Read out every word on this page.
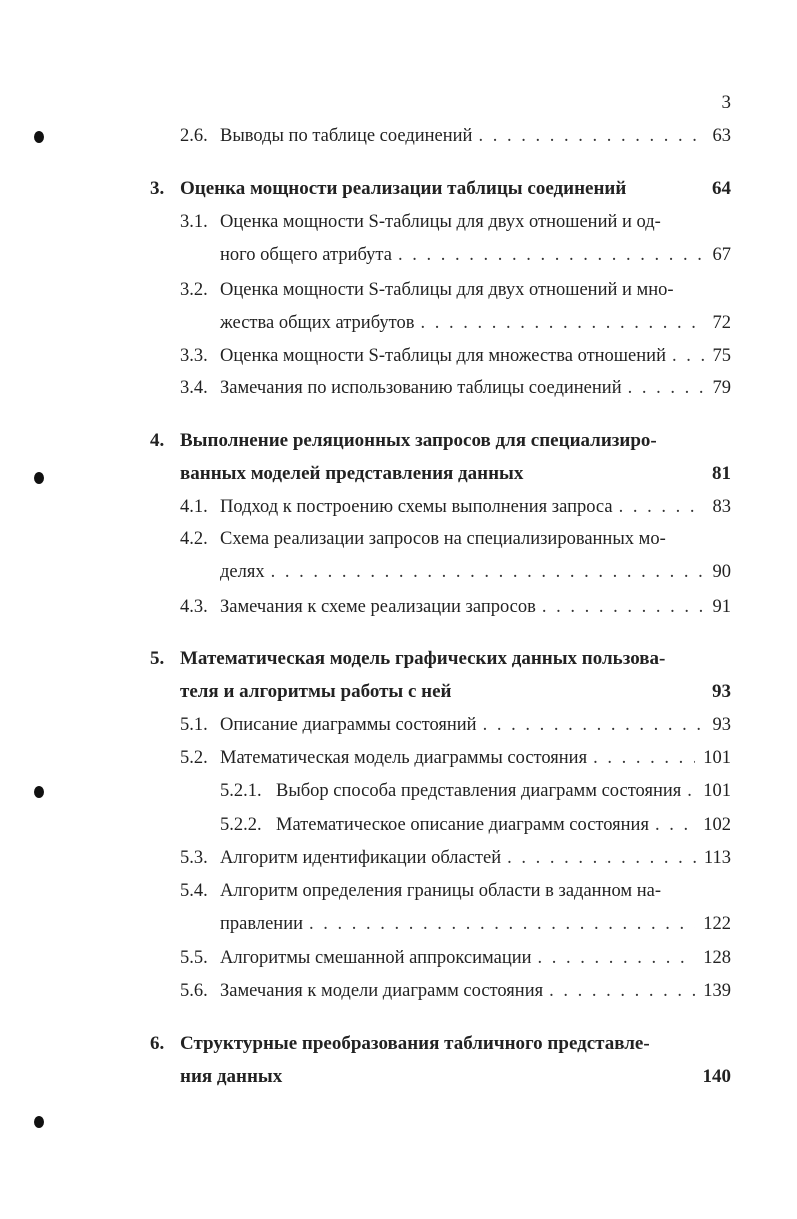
3
2.6. Выводы по таблице соединений . . .	63
3. Оценка мощности реализации таблицы соединений	64
3.1. Оценка мощности S-таблицы для двух отношений и од-
ного общего атрибута . . .	67
3.2. Оценка мощности S-таблицы для двух отношений и мно-
жества общих атрибутов . . .	72
3.3. Оценка мощности S-таблицы для множества отношений . . .	75
3.4. Замечания по использованию таблицы соединений . . .	79
4. Выполнение реляционных запросов для специализиро-
ванных моделей представления данных	81
4.1. Подход к построению схемы выполнения запроса . . .	83
4.2. Схема реализации запросов на специализированных мо-
делях . . .	90
4.3. Замечания к схеме реализации запросов . . .	91
5. Математическая модель графических данных пользова-
теля и алгоритмы работы с ней	93
5.1. Описание диаграммы состояний . . .	93
5.2. Математическая модель диаграммы состояния . . .	101
5.2.1. Выбор способа представления диаграмм состояния . . . 101
5.2.2. Математическое описание диаграмм состояния . . .	102
5.3. Алгоритм идентификации областей . . .	113
5.4. Алгоритм определения границы области в заданном на-
правлении . . .	122
5.5. Алгоритмы смешанной аппроксимации . . .	128
5.6. Замечания к модели диаграмм состояния . . .	139
6. Структурные преобразования табличного представле-
ния данных	140
